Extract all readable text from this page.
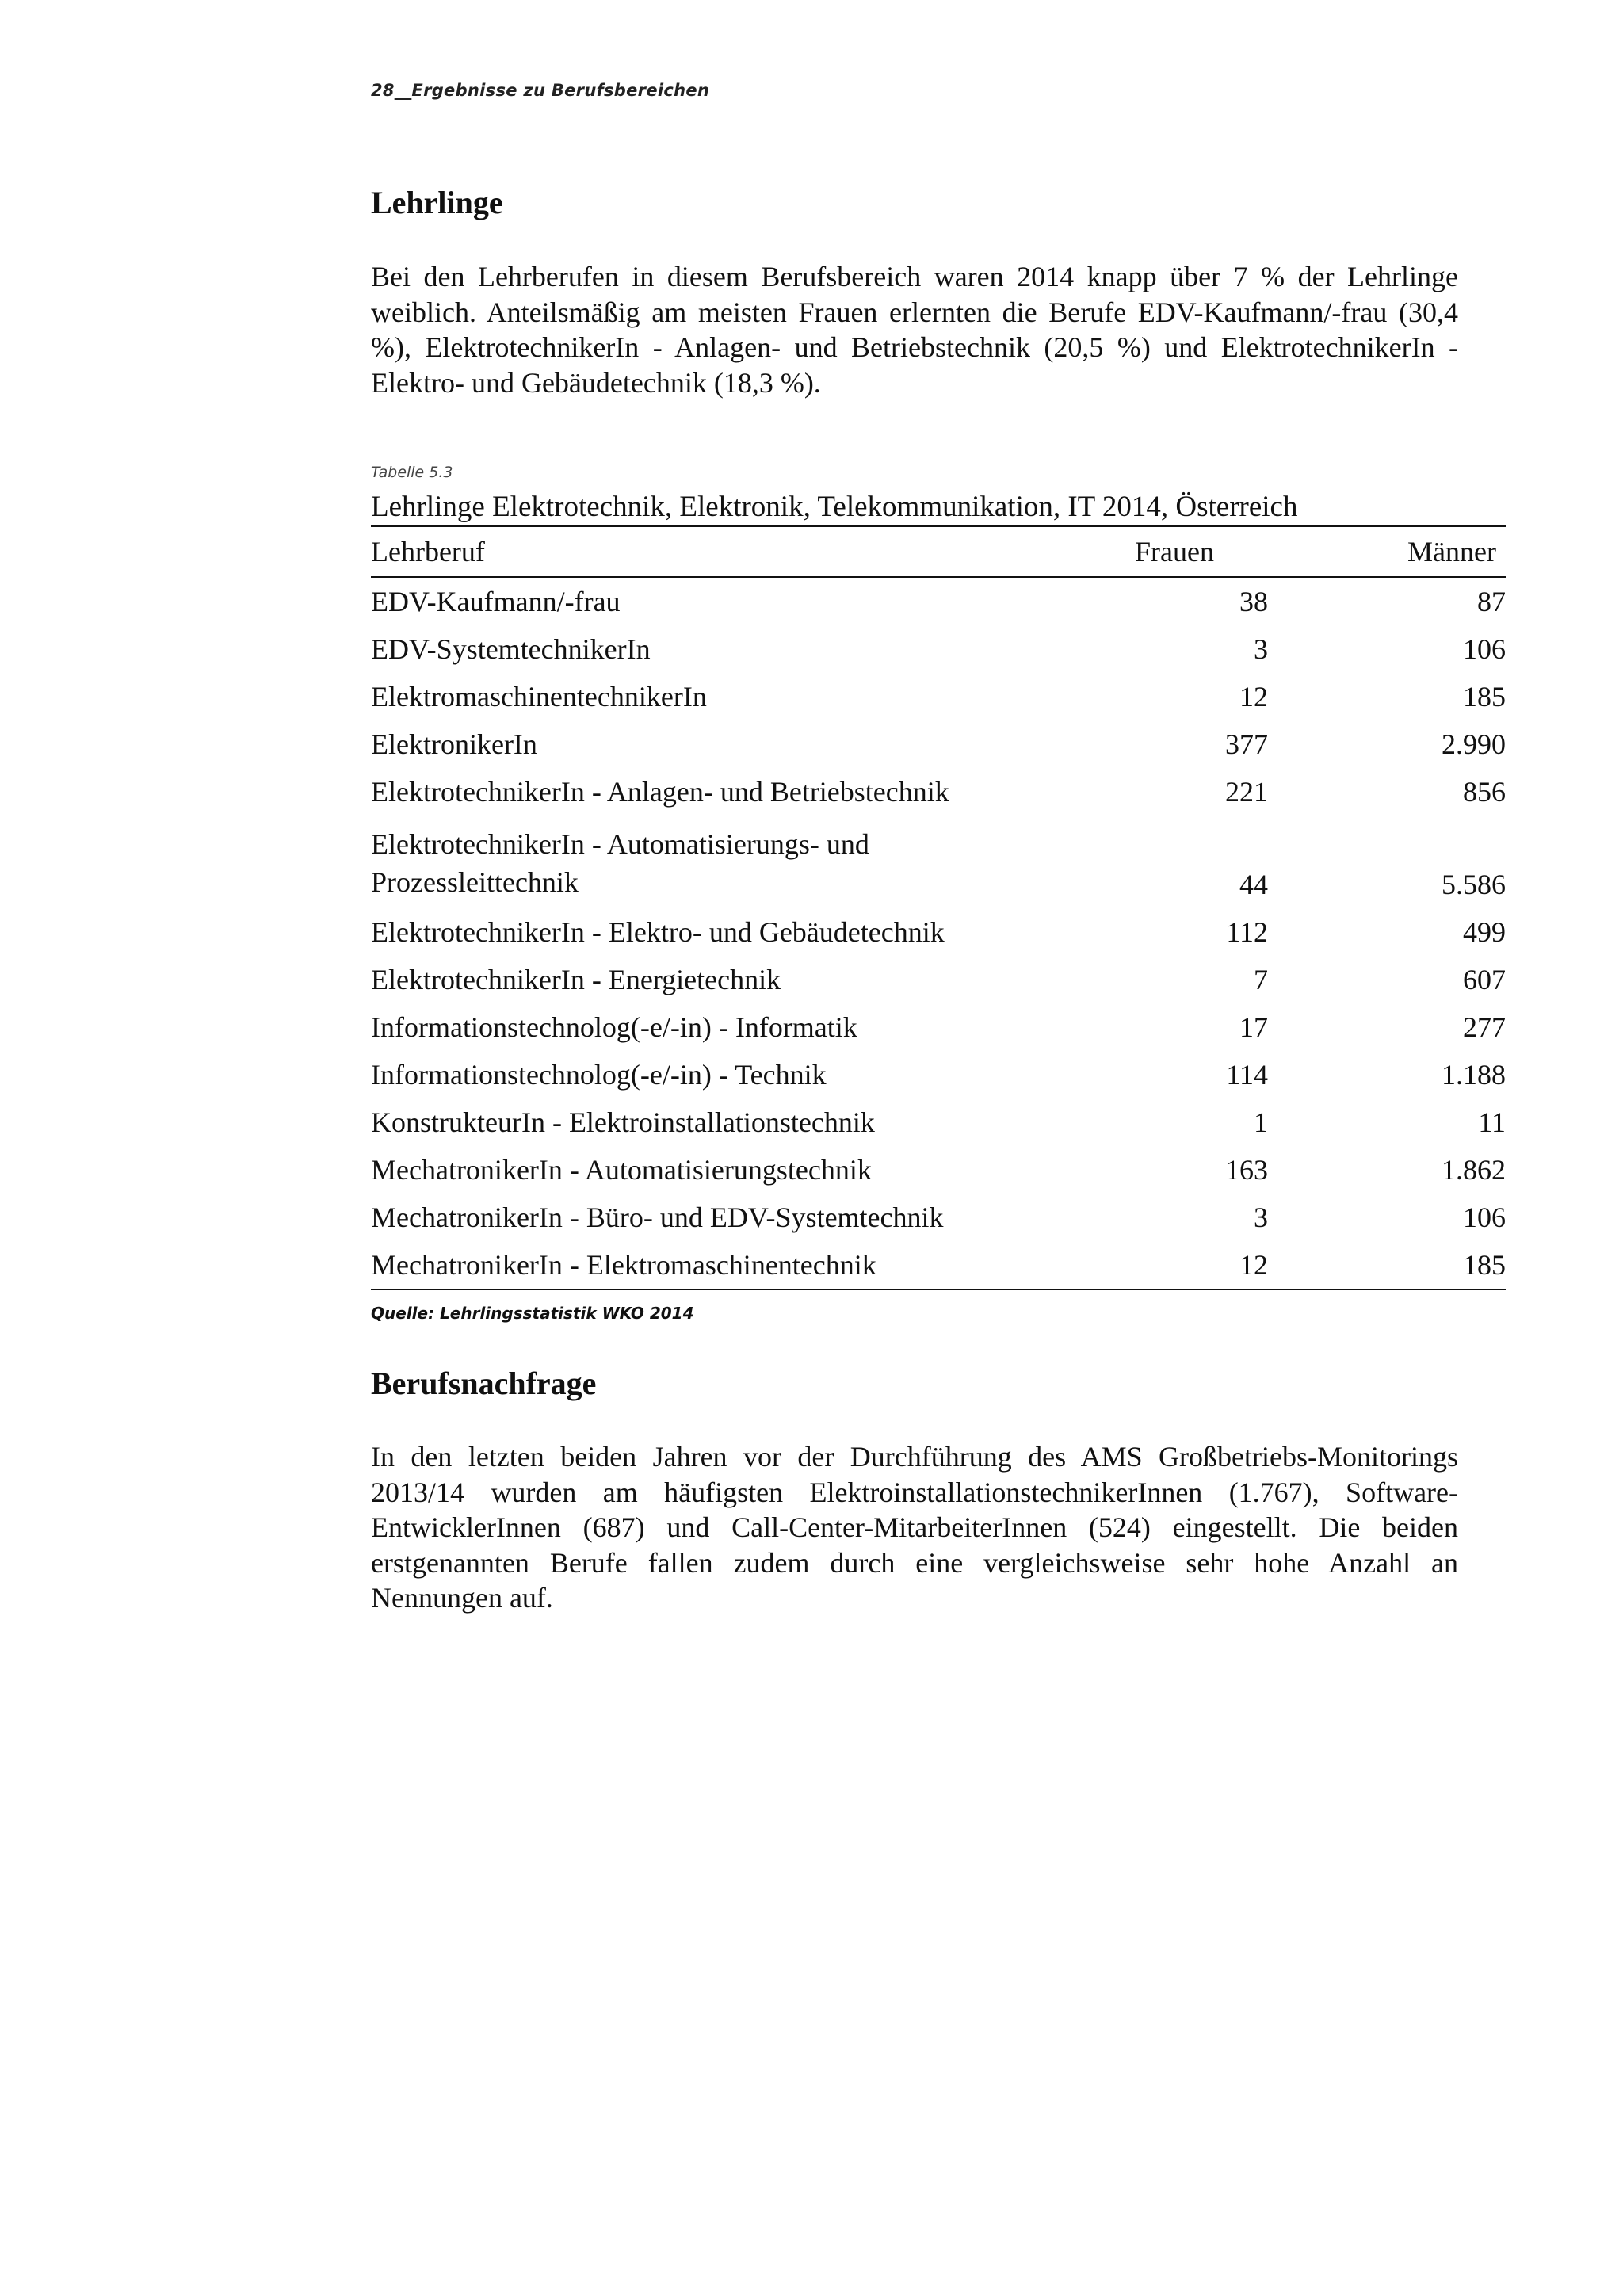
28__Ergebnisse zu Berufsbereichen
Lehrlinge

Bei den Lehrberufen in diesem Berufsbereich waren 2014 knapp über 7 % der Lehrlinge weiblich. Anteilsmäßig am meisten Frauen erlernten die Berufe EDV-Kaufmann/-frau (30,4 %), ElektrotechnikerIn - Anlagen- und Betriebstechnik (20,5 %) und ElektrotechnikerIn - Elektro- und Gebäudetechnik (18,3 %).

Tabelle 5.3
Lehrlinge Elektrotechnik, Elektronik, Telekommunikation, IT 2014, Österreich
Lehrberuf	Frauen	Männer
EDV-Kaufmann/-frau	38	87
EDV-SystemtechnikerIn	3	106
ElektromaschinentechnikerIn	12	185
ElektronikerIn	377	2.990
ElektrotechnikerIn - Anlagen- und Betriebstechnik	221	856

ElektrotechnikerIn - Automatisierungs- und
Prozessleittechnik	44	5.586
ElektrotechnikerIn - Elektro- und Gebäudetechnik	112	499
ElektrotechnikerIn - Energietechnik	7	607
Informationstechnolog(-e/-in) - Informatik	17	277
Informationstechnolog(-e/-in) - Technik	114	1.188
KonstrukteurIn - Elektroinstallationstechnik	1	11
MechatronikerIn - Automatisierungstechnik	163	1.862
MechatronikerIn - Büro- und EDV-Systemtechnik	3	106
MechatronikerIn - Elektromaschinentechnik	12	185
Quelle: Lehrlingsstatistik WKO 2014
Berufsnachfrage

In den letzten beiden Jahren vor der Durchführung des AMS Großbetriebs-Monitorings 2013/14 wurden am häufigsten ElektroinstallationstechnikerInnen (1.767), Software-EntwicklerInnen (687) und Call-Center-MitarbeiterInnen (524) eingestellt. Die beiden erstgenannten Berufe fallen zudem durch eine vergleichsweise sehr hohe Anzahl an Nennungen auf.
